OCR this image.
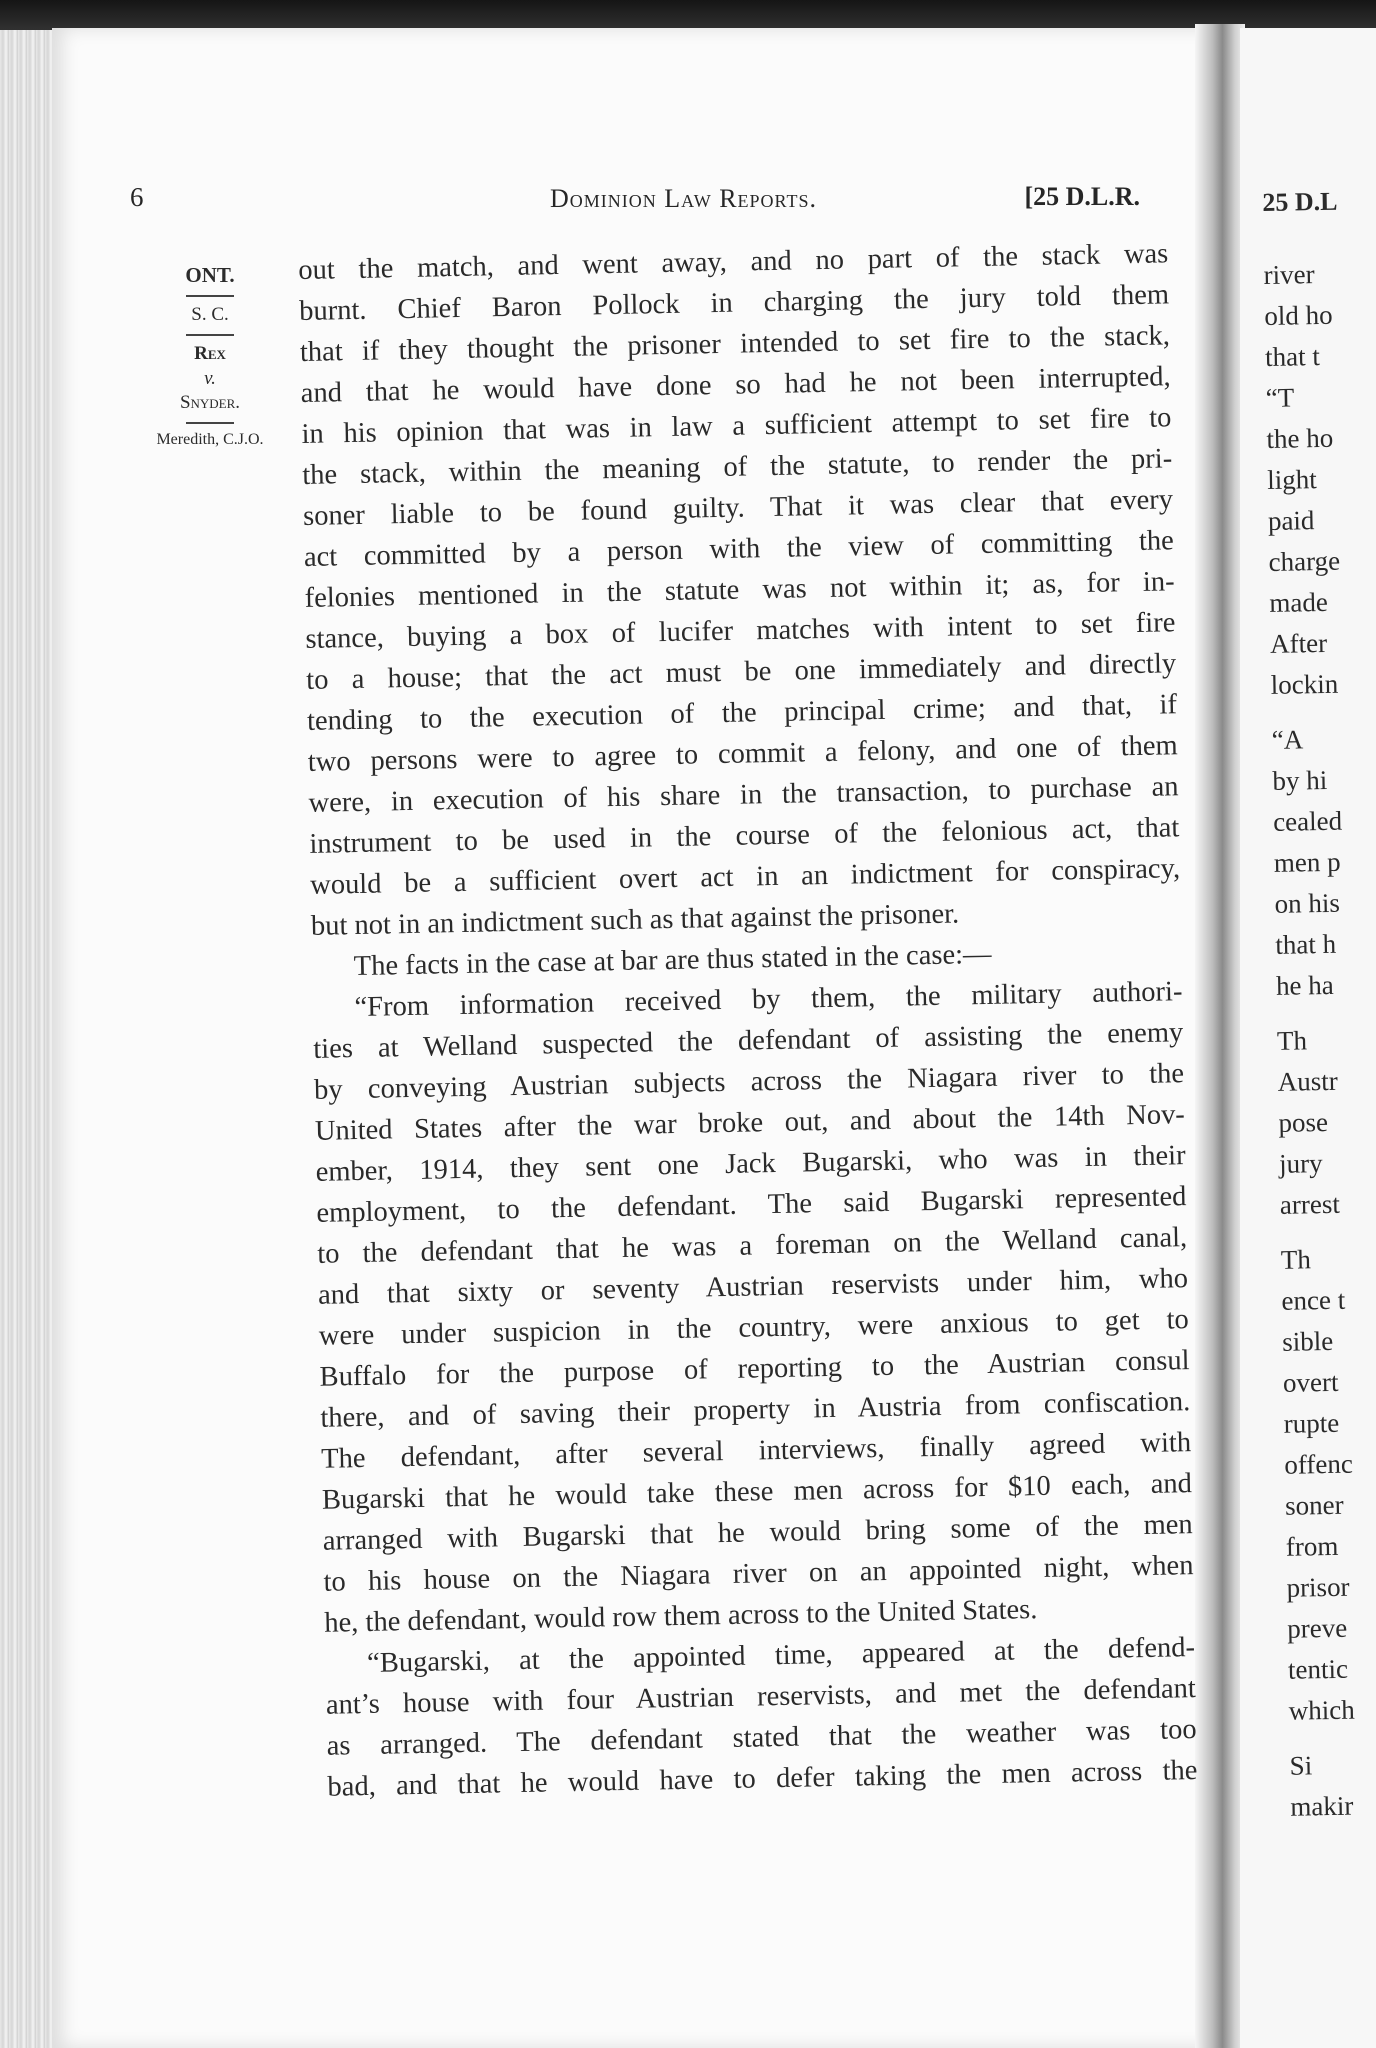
6	Dominion Law Reports.	[25 D.L.R.
ONT.
S. C.
Rex
v.
Snyder.
Meredith, C.J.O.
out the match, and went away, and no part of the stack was
burnt. Chief Baron Pollock in charging the jury told them
that if they thought the prisoner intended to set fire to the stack,
and that he would have done so had he not been interrupted,
in his opinion that was in law a sufficient attempt to set fire to
the stack, within the meaning of the statute, to render the pri-
soner liable to be found guilty. That it was clear that every
act committed by a person with the view of committing the
felonies mentioned in the statute was not within it; as, for in-
stance, buying a box of lucifer matches with intent to set fire
to a house; that the act must be one immediately and directly
tending to the execution of the principal crime; and that, if
two persons were to agree to commit a felony, and one of them
were, in execution of his share in the transaction, to purchase an
instrument to be used in the course of the felonious act, that
would be a sufficient overt act in an indictment for conspiracy,
but not in an indictment such as that against the prisoner.
The facts in the case at bar are thus stated in the case:—
“From information received by them, the military authori-
ties at Welland suspected the defendant of assisting the enemy
by conveying Austrian subjects across the Niagara river to the
United States after the war broke out, and about the 14th Nov-
ember, 1914, they sent one Jack Bugarski, who was in their
employment, to the defendant. The said Bugarski represented
to the defendant that he was a foreman on the Welland canal,
and that sixty or seventy Austrian reservists under him, who
were under suspicion in the country, were anxious to get to
Buffalo for the purpose of reporting to the Austrian consul
there, and of saving their property in Austria from confiscation.
The defendant, after several interviews, finally agreed with
Bugarski that he would take these men across for $10 each, and
arranged with Bugarski that he would bring some of the men
to his house on the Niagara river on an appointed night, when
he, the defendant, would row them across to the United States.
“Bugarski, at the appointed time, appeared at the defend-
ant’s house with four Austrian reservists, and met the defendant
as arranged. The defendant stated that the weather was too
bad, and that he would have to defer taking the men across the
25 D.L
river
old ho
that t
“T
the ho
light
paid
charge
made
After
lockin
“A
by hi
cealed
men p
on his
that h
he ha
Th
Austr
pose
jury
arrest
Th
ence t
sible
overt
rupte
offenc
soner
from
prisor
preve
tentic
which
Si
makir
